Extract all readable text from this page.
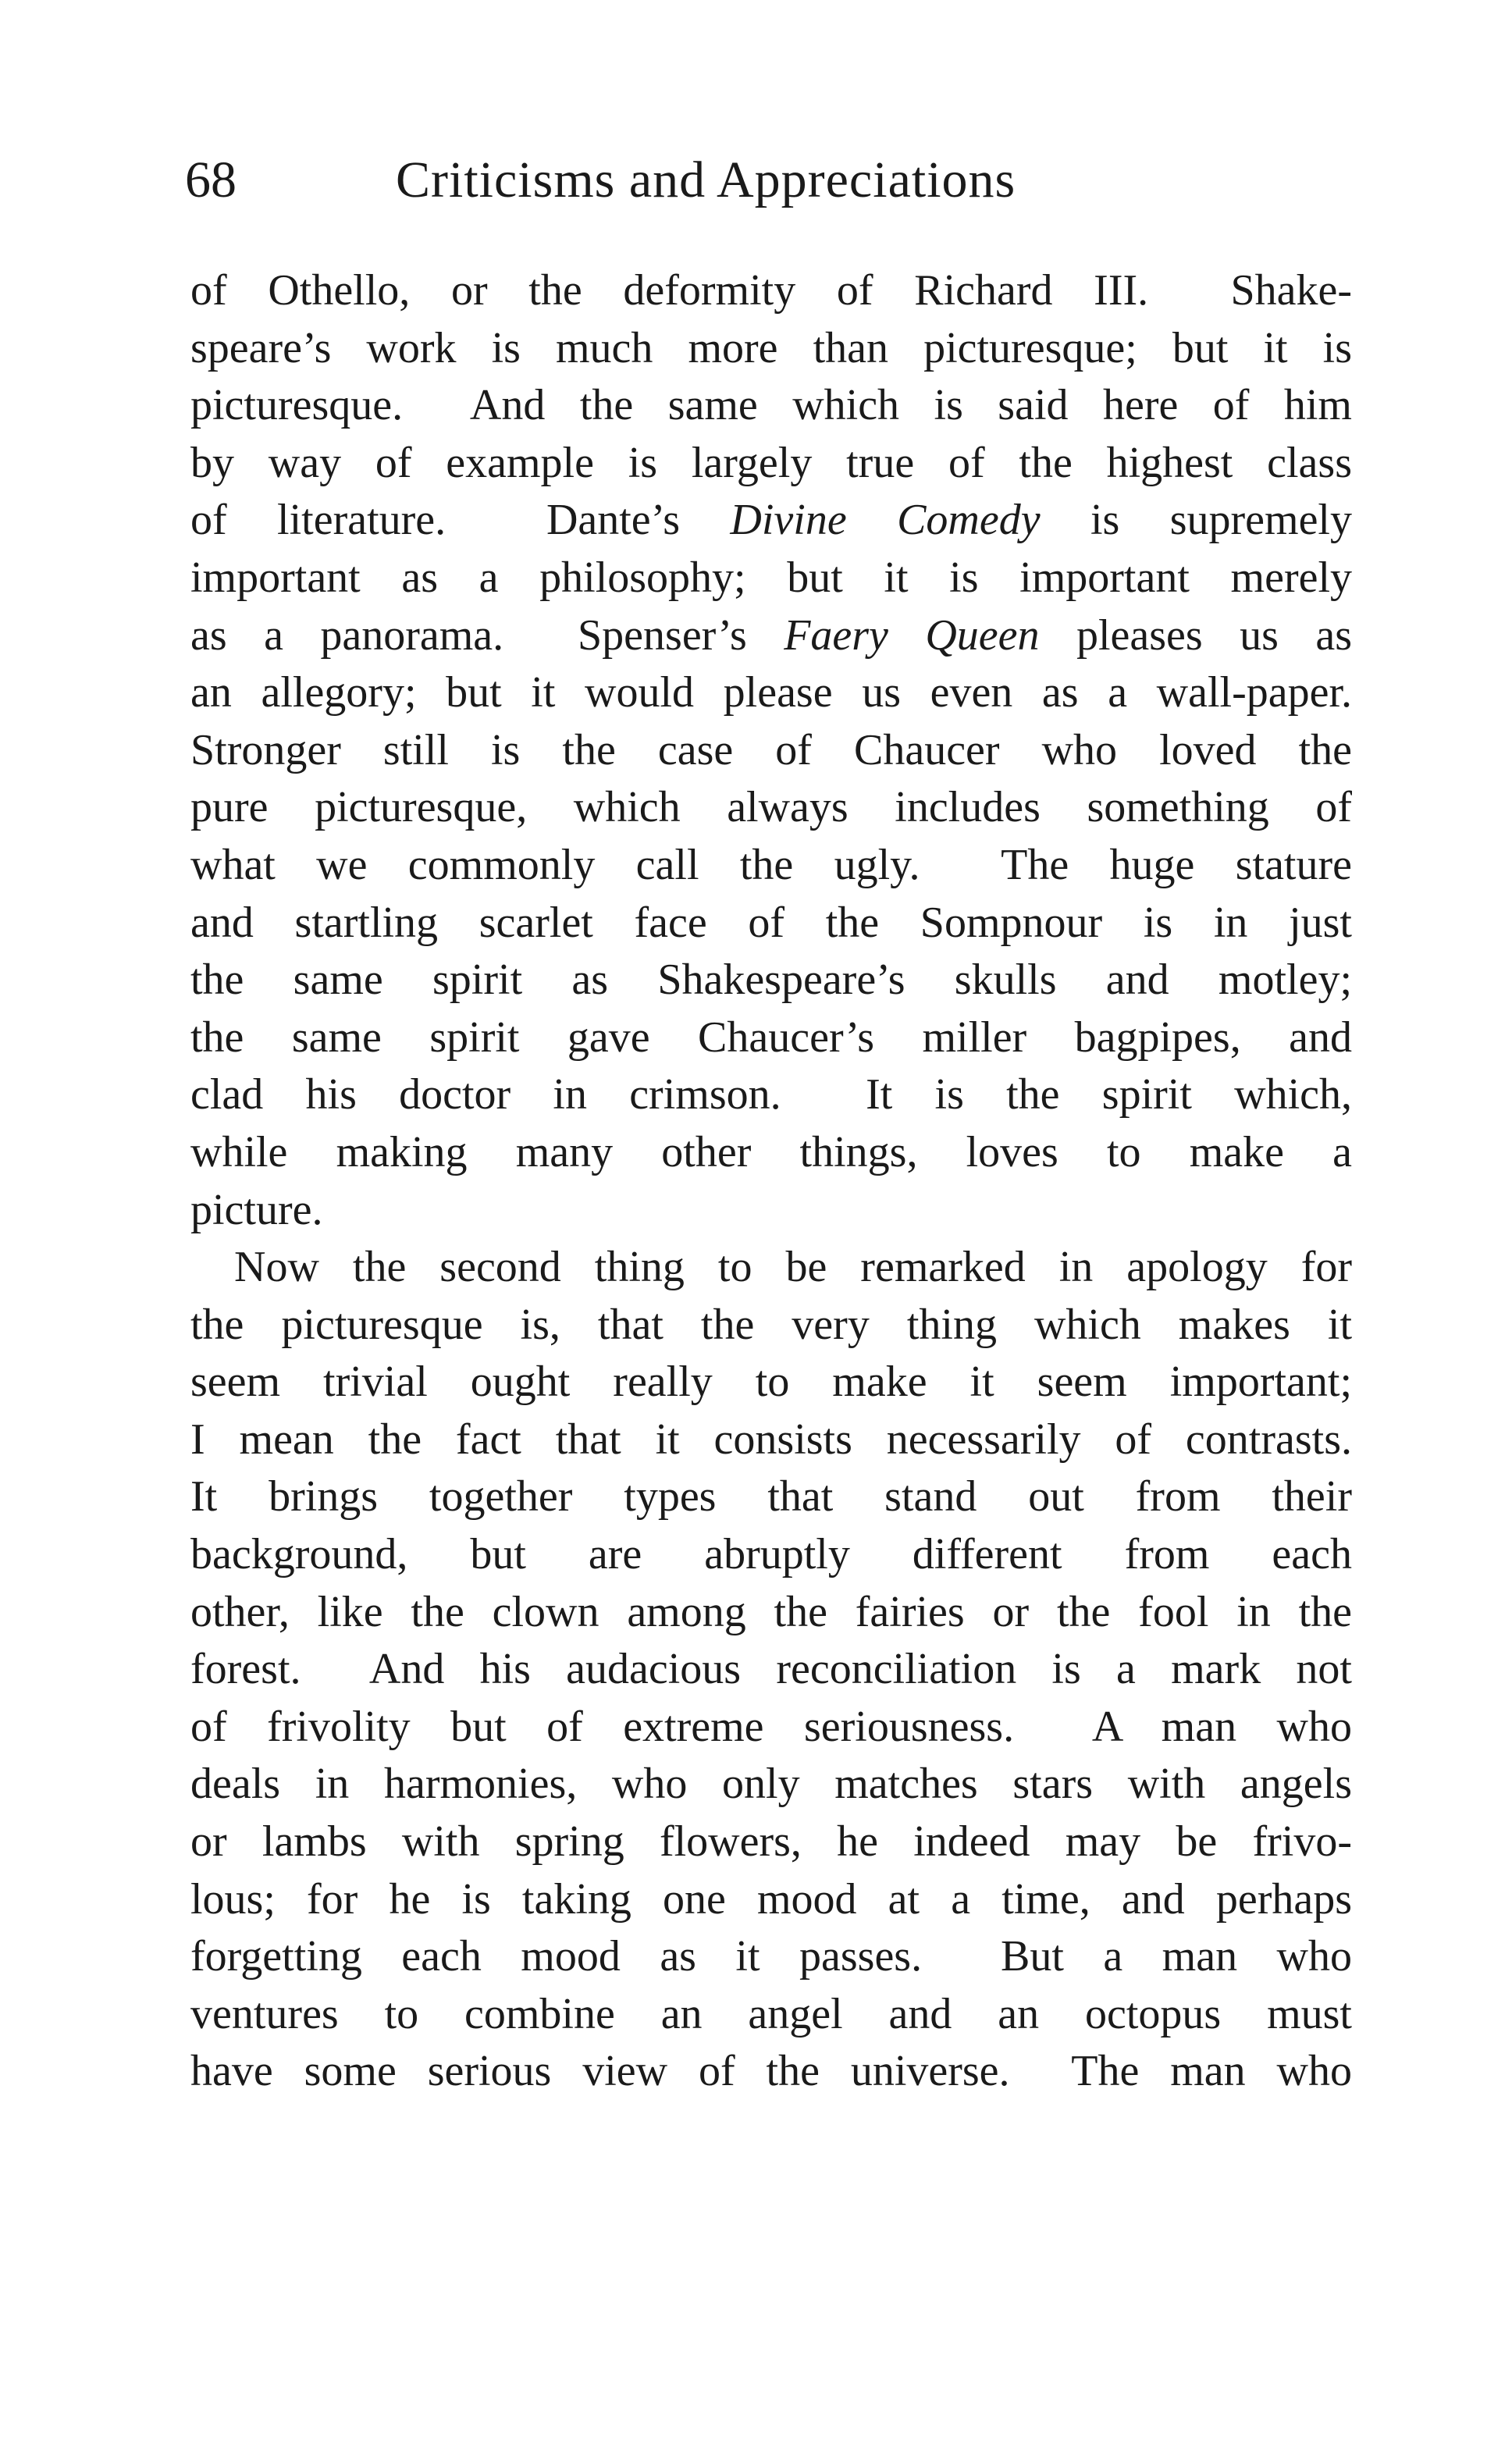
68	Criticisms and Appreciations
of Othello, or the deformity of Richard III.  Shake-
speare’s work is much more than picturesque; but it is
picturesque.  And the same which is said here of him
by way of example is largely true of the highest class
of literature.  Dante’s Divine Comedy is supremely
important as a philosophy; but it is important merely
as a panorama.  Spenser’s Faery Queen pleases us as
an allegory; but it would please us even as a wall-paper.
Stronger still is the case of Chaucer who loved the
pure picturesque, which always includes something of
what we commonly call the ugly.  The huge stature
and startling scarlet face of the Sompnour is in just
the same spirit as Shakespeare’s skulls and motley;
the same spirit gave Chaucer’s miller bagpipes, and
clad his doctor in crimson.  It is the spirit which,
while making many other things, loves to make a
picture.
Now the second thing to be remarked in apology for
the picturesque is, that the very thing which makes it
seem trivial ought really to make it seem important;
I mean the fact that it consists necessarily of contrasts.
It brings together types that stand out from their
background, but are abruptly different from each
other, like the clown among the fairies or the fool in the
forest.  And his audacious reconciliation is a mark not
of frivolity but of extreme seriousness.  A man who
deals in harmonies, who only matches stars with angels
or lambs with spring flowers, he indeed may be frivo-
lous; for he is taking one mood at a time, and perhaps
forgetting each mood as it passes.  But a man who
ventures to combine an angel and an octopus must
have some serious view of the universe.  The man who
